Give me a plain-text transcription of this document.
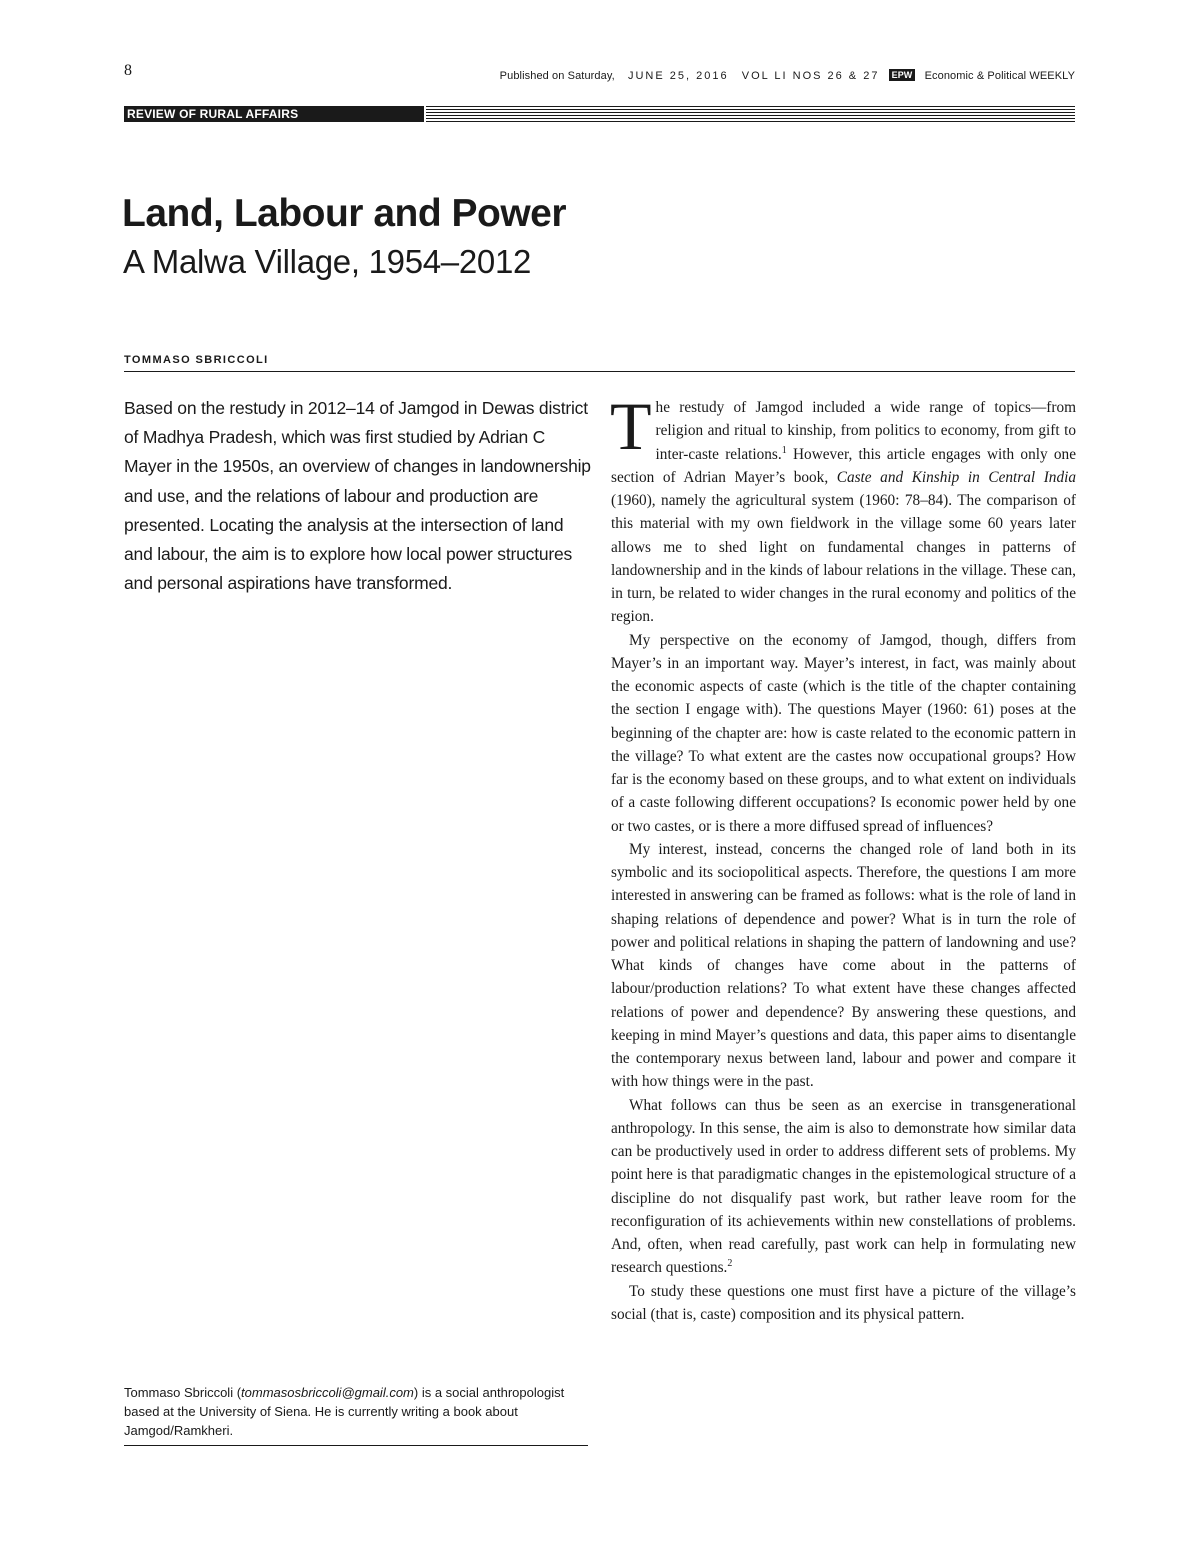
8	Published on Saturday, JUNE 25, 2016 VOL LI NOS 26 & 27 EPW Economic & Political WEEKLY
REVIEW OF RURAL AFFAIRS
Land, Labour and Power
A Malwa Village, 1954–2012
TOMMASO SBRICCOLI

Based on the restudy in 2012–14 of Jamgod in Dewas district of Madhya Pradesh, which was first studied by Adrian C Mayer in the 1950s, an overview of changes in landownership and use, and the relations of labour and production are presented. Locating the analysis at the intersection of land and labour, the aim is to explore how local power structures and personal aspirations have transformed.

Tommaso Sbriccoli (tommasosbriccoli@gmail.com) is a social anthropologist based at the University of Siena. He is currently writing a book about Jamgod/Ramkheri.

The restudy of Jamgod included a wide range of topics—from religion and ritual to kinship, from politics to economy, from gift to inter-caste relations.$^1$ However, this article engages with only one section of Adrian Mayer’s book, Caste and Kinship in Central India (1960), namely the agricultural system (1960: 78–84). The comparison of this material with my own fieldwork in the village some 60 years later allows me to shed light on fundamental changes in patterns of landownership and in the kinds of labour relations in the village. These can, in turn, be related to wider changes in the rural economy and politics of the region.

My perspective on the economy of Jamgod, though, differs from Mayer’s in an important way. Mayer’s interest, in fact, was mainly about the economic aspects of caste (which is the title of the chapter containing the section I engage with). The questions Mayer (1960: 61) poses at the beginning of the chapter are: how is caste related to the economic pattern in the village? To what extent are the castes now occupational groups? How far is the economy based on these groups, and to what extent on individuals of a caste following different occupations? Is economic power held by one or two castes, or is there a more diffused spread of influences?

My interest, instead, concerns the changed role of land both in its symbolic and its sociopolitical aspects. Therefore, the questions I am more interested in answering can be framed as follows: what is the role of land in shaping relations of dependence and power? What is in turn the role of power and political relations in shaping the pattern of landowning and use? What kinds of changes have come about in the patterns of labour/production relations? To what extent have these changes affected relations of power and dependence? By answering these questions, and keeping in mind Mayer’s questions and data, this paper aims to disentangle the contemporary nexus between land, labour and power and compare it with how things were in the past.

What follows can thus be seen as an exercise in transgenerational anthropology. In this sense, the aim is also to demonstrate how similar data can be productively used in order to address different sets of problems. My point here is that paradigmatic changes in the epistemological structure of a discipline do not disqualify past work, but rather leave room for the reconfiguration of its achievements within new constellations of problems. And, often, when read carefully, past work can help in formulating new research questions.$^2$

To study these questions one must first have a picture of the village’s social (that is, caste) composition and its physical pattern.
